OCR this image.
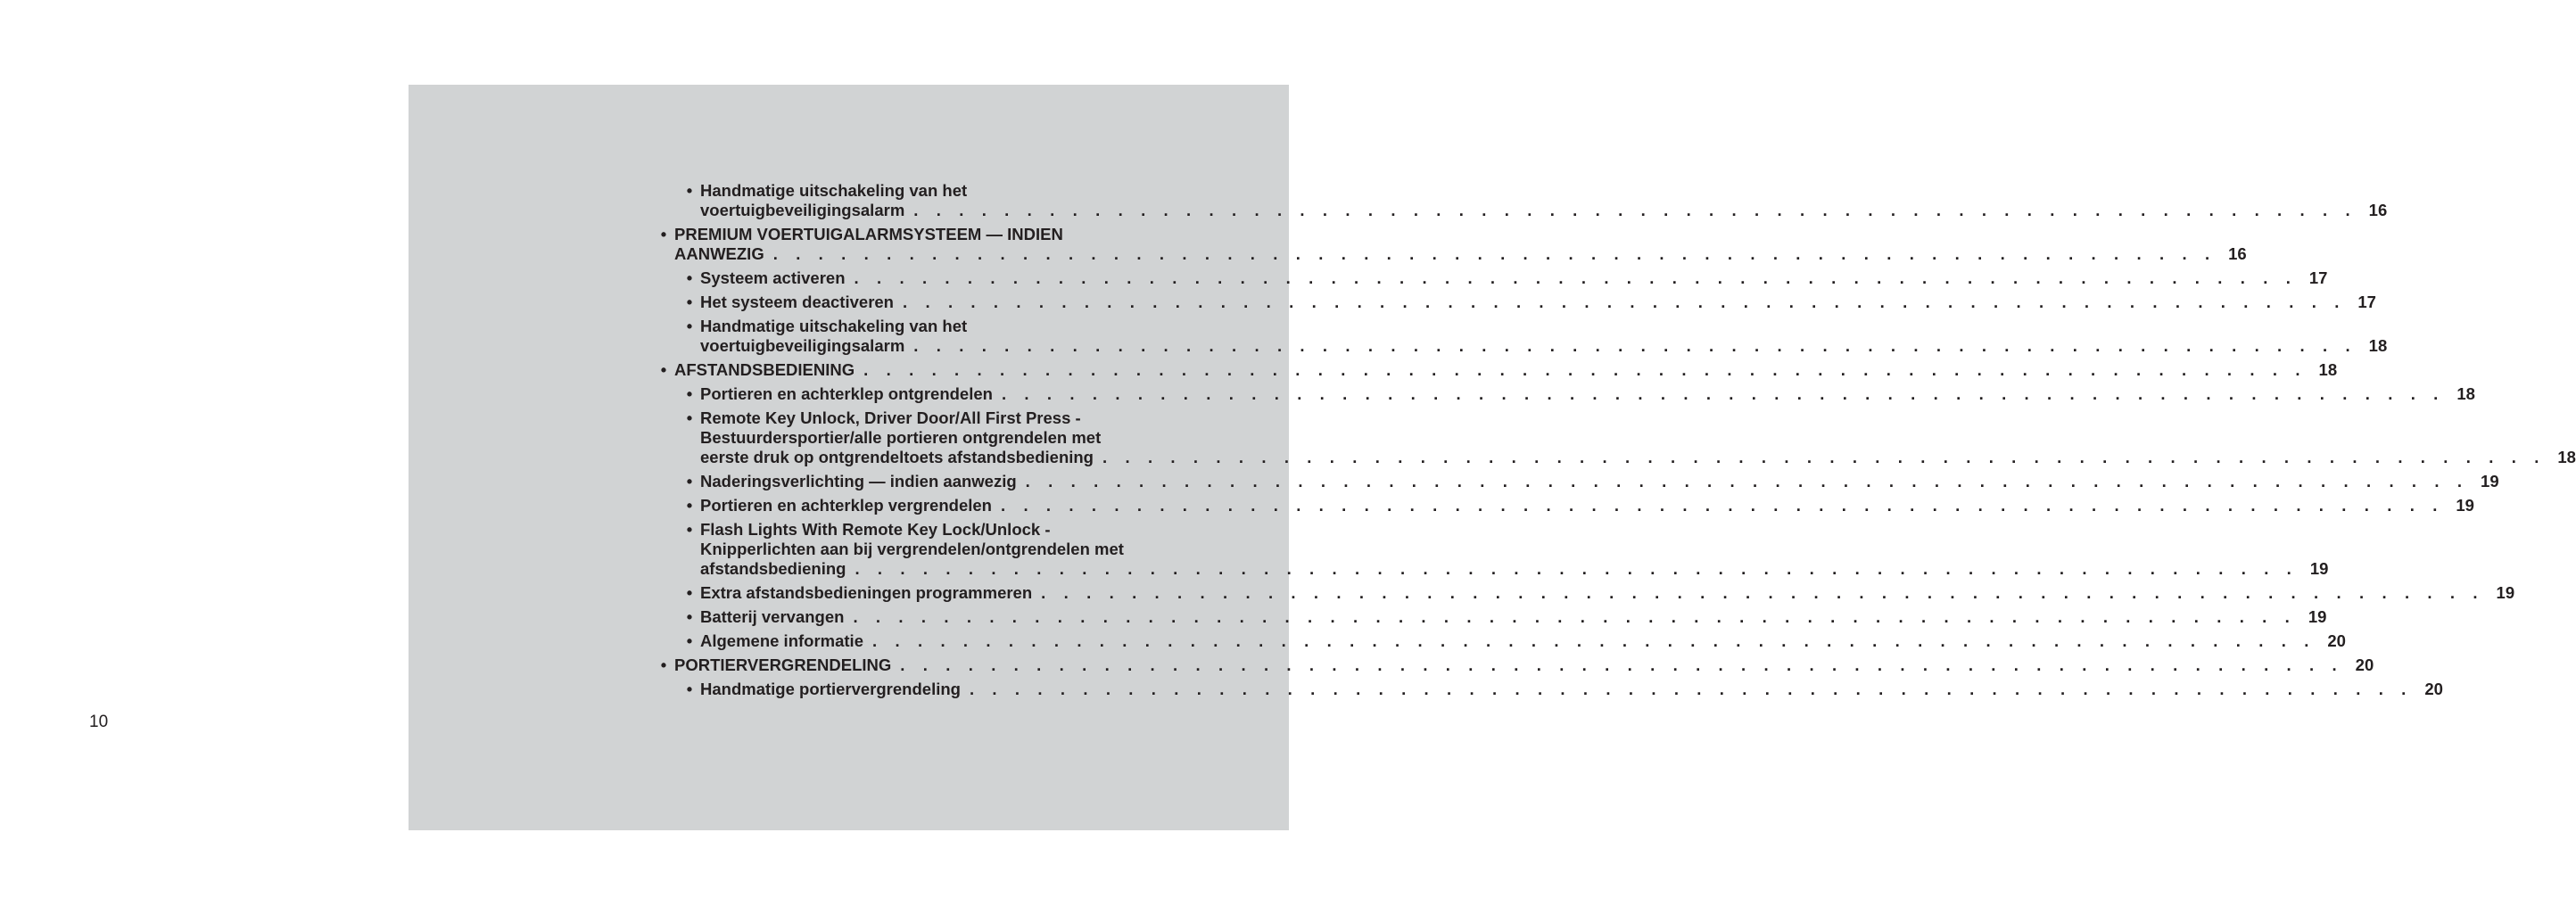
10
• Handmatige uitschakeling van het
voertuigbeveiligingsalarm . . . . . . . . . . . . . . . . . . . . . . . . . . . . . . . . . . . . . . . . . . . . . . . . . . . . . . . . . . . . . . . . 16
• PREMIUM VOERTUIGALARMSYSTEEM — INDIEN
AANWEZIG . . . . . . . . . . . . . . . . . . . . . . . . . . . . . . . . . . . . . . . . . . . . . . . . . . . . . . . . . . . . . . . . 16
• Systeem activeren . . . . . . . . . . . . . . . . . . . . . . . . . . . . . . . . . . . . . . . . . . . . . . . . . . . . . . . . . . . . . . . . 17
• Het systeem deactiveren . . . . . . . . . . . . . . . . . . . . . . . . . . . . . . . . . . . . . . . . . . . . . . . . . . . . . . . . . . . . . . . . 17
• Handmatige uitschakeling van het
voertuigbeveiligingsalarm . . . . . . . . . . . . . . . . . . . . . . . . . . . . . . . . . . . . . . . . . . . . . . . . . . . . . . . . . . . . . . . . 18
• AFSTANDSBEDIENING . . . . . . . . . . . . . . . . . . . . . . . . . . . . . . . . . . . . . . . . . . . . . . . . . . . . . . . . . . . . . . . . 18
• Portieren en achterklep ontgrendelen . . . . . . . . . . . . . . . . . . . . . . . . . . . . . . . . . . . . . . . . . . . . . . . . . . . . . . . . . . . . . . . . 18
• Remote Key Unlock, Driver Door/All First Press -
Bestuurdersportier/alle portieren ontgrendelen met
eerste druk op ontgrendeltoets afstandsbediening . . . . . . . . . . . . . . . . . . . . . . . . . . . . . . . . . . . . . . . . . . . . . . . . . . . . . . . . . . . . . . . . 18
• Naderingsverlichting — indien aanwezig . . . . . . . . . . . . . . . . . . . . . . . . . . . . . . . . . . . . . . . . . . . . . . . . . . . . . . . . . . . . . . . . 19
• Portieren en achterklep vergrendelen . . . . . . . . . . . . . . . . . . . . . . . . . . . . . . . . . . . . . . . . . . . . . . . . . . . . . . . . . . . . . . . . 19
• Flash Lights With Remote Key Lock/Unlock -
Knipperlichten aan bij vergrendelen/ontgrendelen met
afstandsbediening . . . . . . . . . . . . . . . . . . . . . . . . . . . . . . . . . . . . . . . . . . . . . . . . . . . . . . . . . . . . . . . . 19
• Extra afstandsbedieningen programmeren . . . . . . . . . . . . . . . . . . . . . . . . . . . . . . . . . . . . . . . . . . . . . . . . . . . . . . . . . . . . . . . . 19
• Batterij vervangen . . . . . . . . . . . . . . . . . . . . . . . . . . . . . . . . . . . . . . . . . . . . . . . . . . . . . . . . . . . . . . . . 19
• Algemene informatie . . . . . . . . . . . . . . . . . . . . . . . . . . . . . . . . . . . . . . . . . . . . . . . . . . . . . . . . . . . . . . . . 20
• PORTIERVERGRENDELING . . . . . . . . . . . . . . . . . . . . . . . . . . . . . . . . . . . . . . . . . . . . . . . . . . . . . . . . . . . . . . . . 20
• Handmatige portiervergrendeling . . . . . . . . . . . . . . . . . . . . . . . . . . . . . . . . . . . . . . . . . . . . . . . . . . . . . . . . . . . . . . . . 20
